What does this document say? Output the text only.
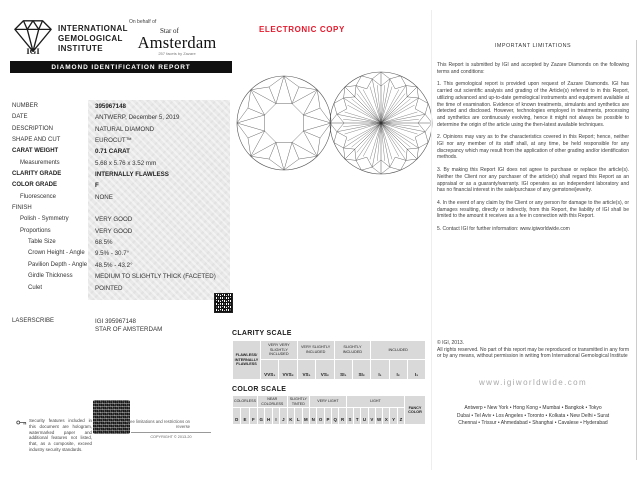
IGI
INTERNATIONAL
GEMOLOGICAL
INSTITUTE
On behalf of
Star of
Amsterdam
257 facets by Zazare
DIAMOND IDENTIFICATION REPORT
ELECTRONIC COPY
NUMBER	395967148
DATE	ANTWERP, December 5, 2019
DESCRIPTION	NATURAL DIAMOND
SHAPE AND CUT	EUROCUT™
CARAT WEIGHT	0.71 CARAT
Measurements	5.68 x 5.76 x 3.52 mm
CLARITY GRADE	INTERNALLY FLAWLESS
COLOR GRADE	F
Fluorescence	NONE
FINISH
Polish - Symmetry	VERY GOOD
Proportions	VERY GOOD
Table Size	68.5%
Crown Height - Angle 9.5% - 30.7°
Pavilion Depth - Angle 48.5% - 43.2°
Girdle Thickness	MEDIUM TO SLIGHTLY THICK (FACETED)
Culet	POINTED
LASERSCRIBE	IGI 395967148
STAR OF AMSTERDAM
CLARITY SCALE
FLAWLESS/ INTERNALLY FLAWLESS
VERY VERY SLIGHTLY INCLUDED
VVS₁	VVS₂
VERY SLIGHTLY INCLUDED
VS₁	VS₂
SLIGHTLY INCLUDED
SI₁	SI₂
INCLUDED
I₁	I₂	I₃
COLOR SCALE
COLORLESS
D	E	F
NEAR COLORLESS
G H	I	J
SLIGHTLY TINTED
K	L M
VERY LIGHT
N O P Q R
LIGHT
S	T U V W X Y	Z
FANCY COLOR
IMPORTANT LIMITATIONS
This Report is submitted by IGI and accepted by Zazare Diamonds on the following terms and conditions:
1. This gemological report is provided upon request of Zazare Diamonds. IGI has carried out scientific analysis and grading of the Article(s) referred to in this Report, utilizing advanced and up-to-date gemological instruments and equipment available at the time of examination. Evidence of known treatments, simulants and synthetics are detected and disclosed. However, technologies employed in treatments, processing and synthetics are continuously evolving, hence it might not always be possible to determine the origin of the article using the then-latest available techniques.
2. Opinions may vary as to the characteristics covered in this Report; hence, neither IGI nor any member of its staff shall, at any time, be held responsible for any discrepancy which may result from the application of other grading and/or identification methods.
3. By making this Report IGI does not agree to purchase or replace the article(s). Neither the Client nor any purchaser of the article(s) shall regard this Report as an appraisal or as a guaranty/warranty. IGI operates as an independent laboratory and has no financial interest in the sale/purchase of any gemstone/jewelry.
4. In the event of any claim by the Client or any person for damage to the article(s), or damages resulting, directly or indirectly, from this Report, the liability of IGI shall be limited to the amount it receives as a fee in connection with this Report.
5. Contact IGI for further information: www.igiworldwide.com
© IGI, 2013.
All rights reserved. No part of this report may be reproduced or transmitted in any form or by any means, without permission in writing from International Gemological Institute
www.igiworldwide.com
Antwerp • New York • Hong Kong • Mumbai • Bangkok • Tokyo
Dubai • Tel Aviv • Los Angeles • Toronto • Kolkata • New Delhi • Surat
Chennai • Trissur • Ahmedabad • Shanghai • Cavalese • Hyderabad
Security features included in this document are hologram, watermarked paper and additional features not listed, that, as a composite, exceed industry security standards.
See limitations and restrictions on reverse
COPYRIGHT © 2013-20
